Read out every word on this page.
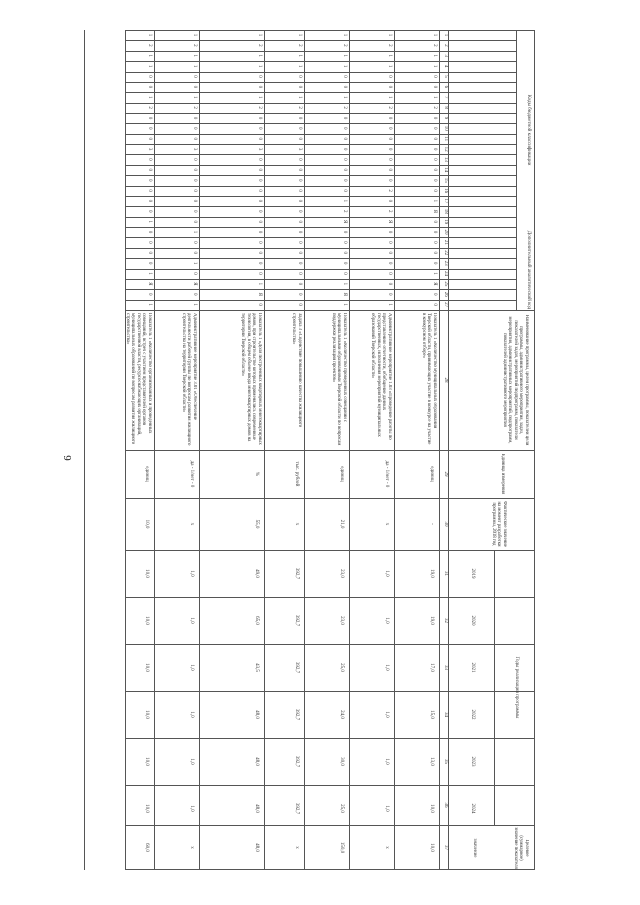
6
1
2
3
4
5
6
7
8
9
10
11
12
13
14
15
16
17
18
19
20
21
22
23
24
25
26
27
Коды бюджетной классификации
Дополнительный аналитический код
Наименование программы, целей программы, показателей цели программы, административного мероприятия, задач, показателей задач, мероприятий подпрограмм, показатели мероприятия, административных мероприятий, подпрограмм, показателей административного мероприятия
Единица измерения
Фактическое значение на момент разработки программы, 2018 год
Годы реализации программы
Целевое (суммарное) значение показателя
значение
2019
2020
2021
2022
2023
2024
28
29
30
31
32
33
34
35
36
37
1
2
1
1
0
0
1
2
0
0
0
0
0
0
0
0
1
Я
0
0
0
0
0
1
Я
0
0
Показатель 1 «Количество муниципальных образований Тверской области, принимающих участие в конкурсе на участие в конкурсном отборе»
единиц
-
19,0
19,0
17,0
15,0
13,0
10,0
10,0
1
2
1
1
0
0
1
2
0
0
0
0
0
0
0
2
0
2
Я
0
0
0
0
0
0
0
1
Административное мероприятие 1.03 «Проведение работы по представлению отчетности, обобщение данных государственных, исполнения мероприятий муниципальных образований Тверской области»
да - 1/нет - 0
x
1,0
1,0
1,0
1,0
1,0
1,0
x
1
2
1
1
0
0
1
2
0
0
0
0
0
0
0
0
1
2
Я
0
0
0
0
0
1
Я
1
Показатель 1 «Количество проведенных совещаний с муниципальными образованиями Тверской области по вопросам поддержки реализации проектов»
единиц
21,0
23,0
23,0
25,0
24,0
30,0
25,0
150,0
1
2
1
1
0
0
1
2
0
0
0
3
0
0
0
0
0
0
0
0
0
0
0
0
0
0
0
Задача 3 «Содействие повышению качества жилищного строительства»
тыс. рублей
x
392,7
392,7
392,7
392,7
392,7
392,7
x
1
2
1
1
0
0
1
2
0
0
0
3
0
0
0
0
0
0
0
0
0
0
0
0
1
Я
0
Показатель 1 «Доля построенных квартирных многоквартирных домов, при строительстве которых применялись современные технологии, в общем объеме ввода многоквартирных домов на территории Тверской области»
%
55,0
49,0
65,0
43,5
48,0
48,0
48,0
48,0
1
2
1
1
0
0
1
2
0
0
0
3
0
0
0
0
0
0
0
1
0
0
1
0
Я
0
1
Административное мероприятие 3.01 «Обеспечение деятельности рабочей группы по вопросам развития жилищного строительства на территории Тверской области»
да - 1/нет - 0
x
1,0
1,0
1,0
1,0
1,0
1,0
x
1
2
1
1
0
0
1
2
0
0
0
3
0
0
0
0
0
0
1
0
0
0
0
1
Я
0
1
Показатель 1 «Количество организованных и проведенных совещаний, встреч с участием представителей органов государственной власти, ресурсоснабжающих организаций, муниципальных образований по вопросам развития жилищного строительства»
единиц
10,0
10,0
10,0
10,0
10,0
10,0
10,0
60,0
